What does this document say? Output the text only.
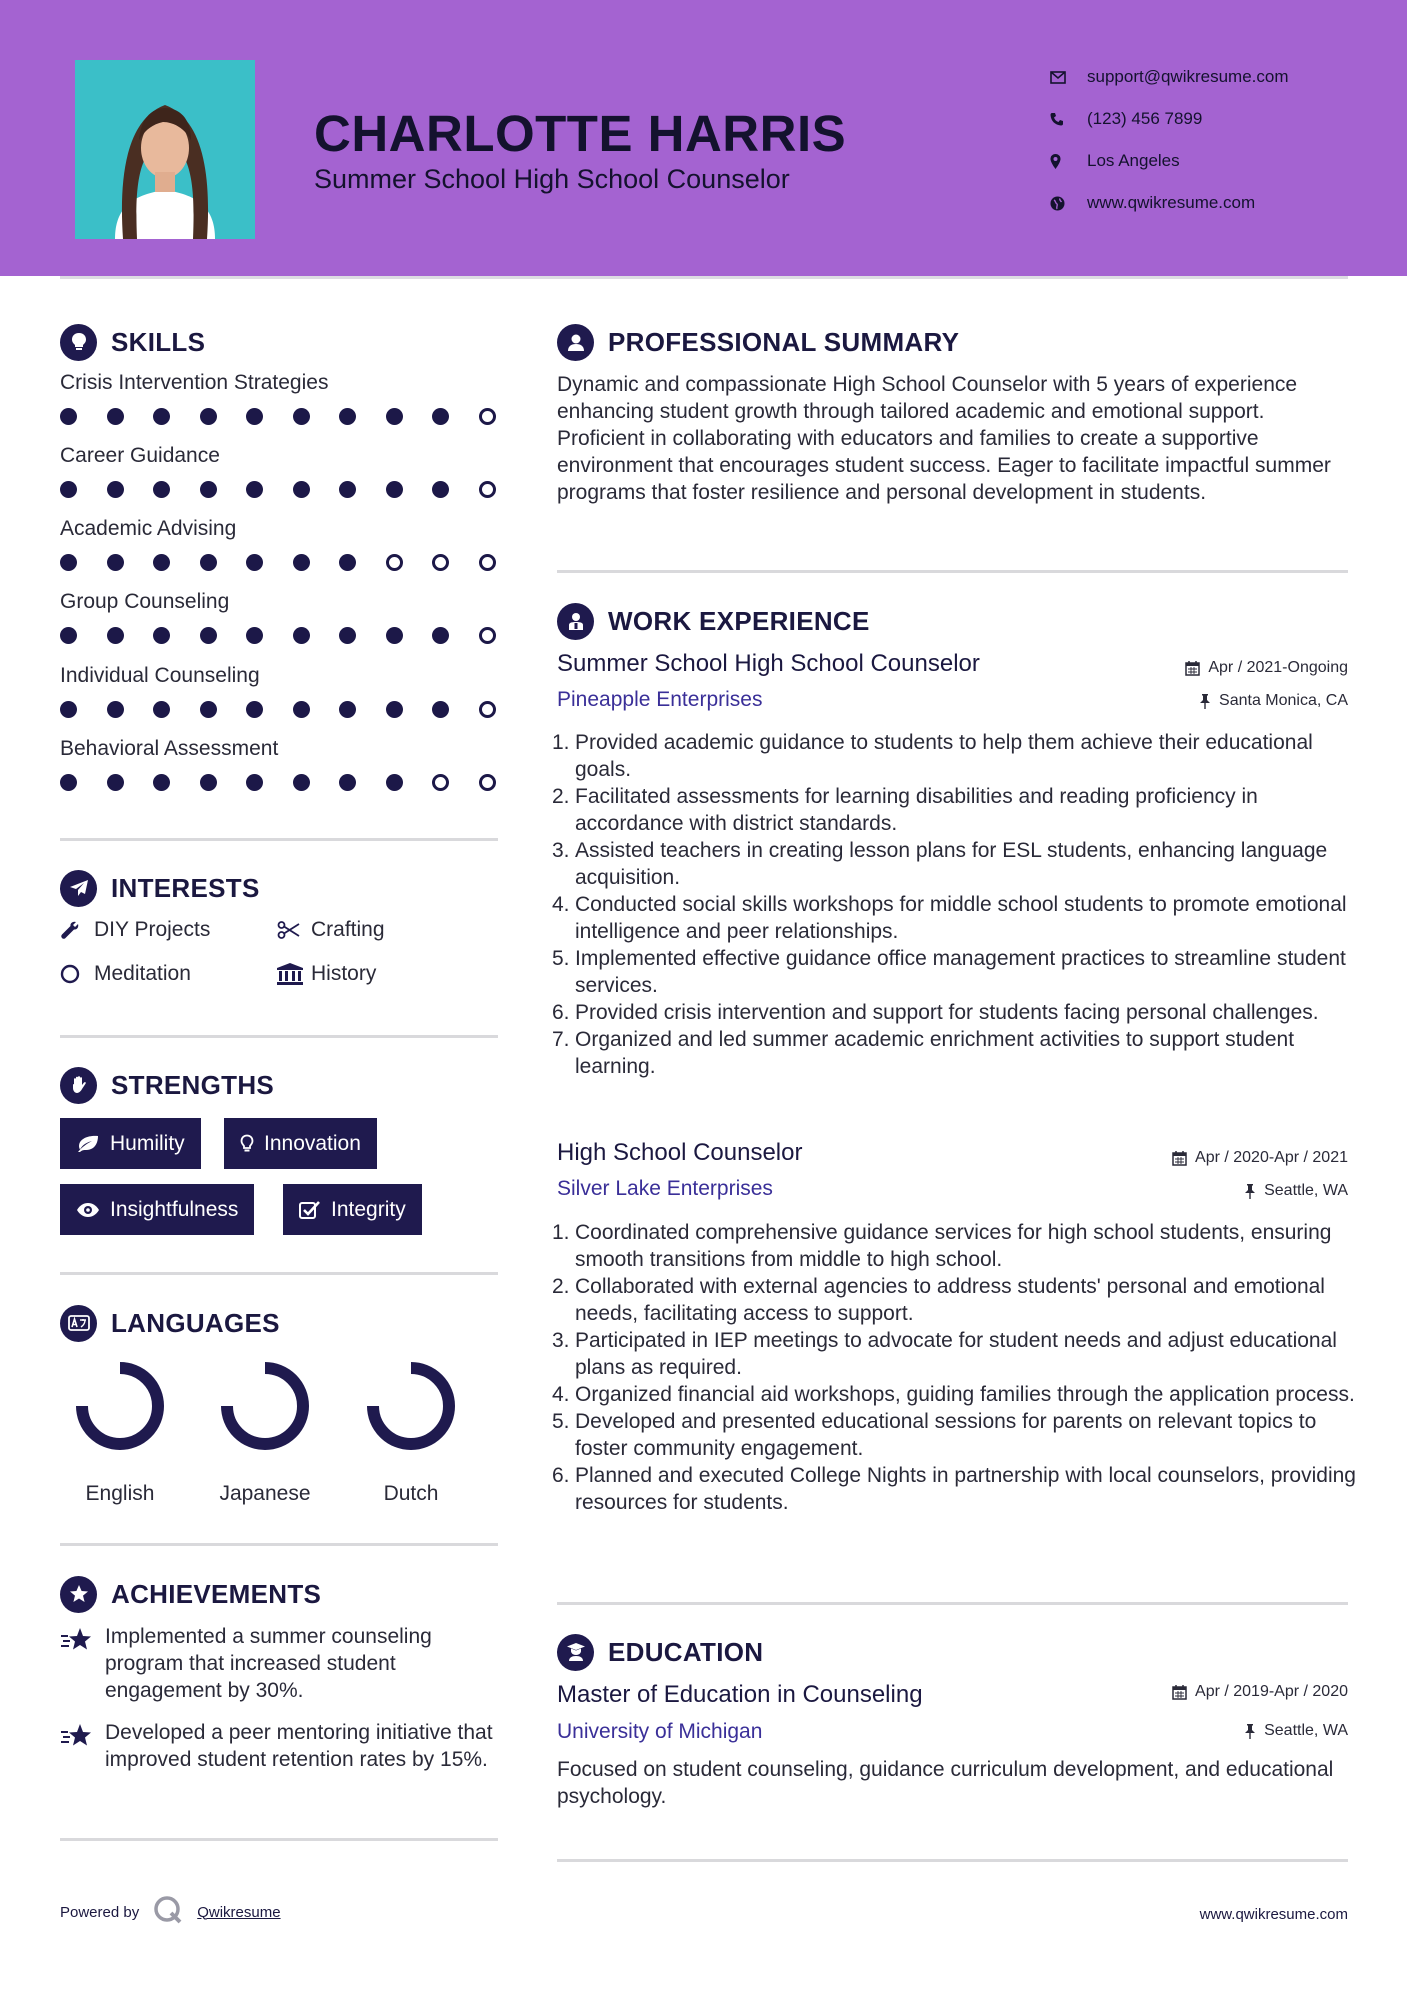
CHARLOTTE HARRIS
Summer School High School Counselor
support@qwikresume.com
(123) 456 7899
Los Angeles
www.qwikresume.com
SKILLS
Crisis Intervention Strategies
Career Guidance
Academic Advising
Group Counseling
Individual Counseling
Behavioral Assessment
INTERESTS
DIY Projects	Crafting
Meditation	History
STRENGTHS
Humility	Innovation
Insightfulness	Integrity
LANGUAGES
English	Japanese	Dutch
ACHIEVEMENTS
Implemented a summer counseling program that increased student engagement by 30%.
Developed a peer mentoring initiative that improved student retention rates by 15%.
PROFESSIONAL SUMMARY
Dynamic and compassionate High School Counselor with 5 years of experience enhancing student growth through tailored academic and emotional support. Proficient in collaborating with educators and families to create a supportive environment that encourages student success. Eager to facilitate impactful summer programs that foster resilience and personal development in students.
WORK EXPERIENCE
Summer School High School Counselor	Apr / 2021-Ongoing
Pineapple Enterprises	Santa Monica, CA
1. Provided academic guidance to students to help them achieve their educational goals.
2. Facilitated assessments for learning disabilities and reading proficiency in accordance with district standards.
3. Assisted teachers in creating lesson plans for ESL students, enhancing language acquisition.
4. Conducted social skills workshops for middle school students to promote emotional intelligence and peer relationships.
5. Implemented effective guidance office management practices to streamline student services.
6. Provided crisis intervention and support for students facing personal challenges.
7. Organized and led summer academic enrichment activities to support student learning.
High School Counselor	Apr / 2020-Apr / 2021
Silver Lake Enterprises	Seattle, WA
1. Coordinated comprehensive guidance services for high school students, ensuring smooth transitions from middle to high school.
2. Collaborated with external agencies to address students' personal and emotional needs, facilitating access to support.
3. Participated in IEP meetings to advocate for student needs and adjust educational plans as required.
4. Organized financial aid workshops, guiding families through the application process.
5. Developed and presented educational sessions for parents on relevant topics to foster community engagement.
6. Planned and executed College Nights in partnership with local counselors, providing resources for students.
EDUCATION
Master of Education in Counseling	Apr / 2019-Apr / 2020
University of Michigan	Seattle, WA
Focused on student counseling, guidance curriculum development, and educational psychology.
Powered by	Qwikresume	www.qwikresume.com
